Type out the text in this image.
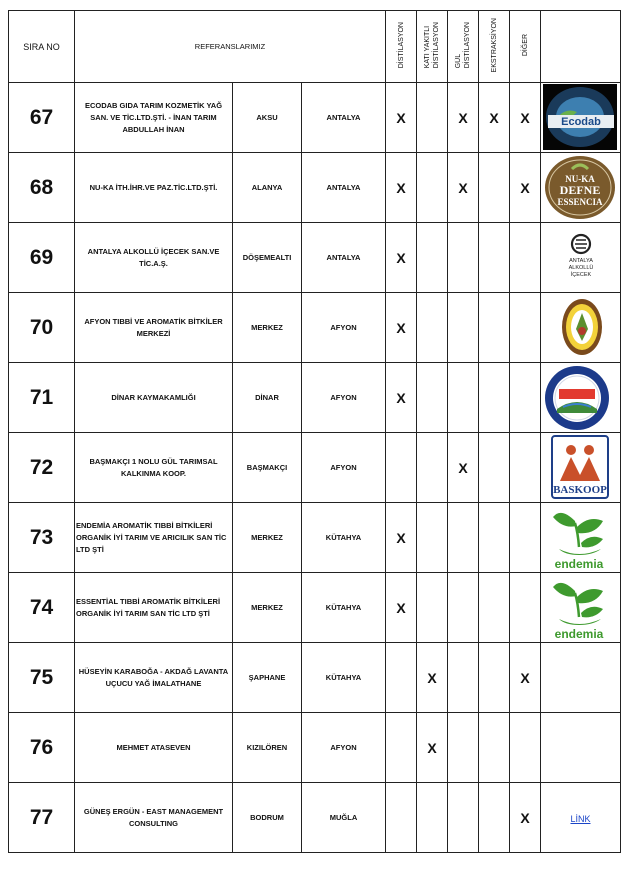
SIRA NO	REFERANSLARIMIZ			DİSTİLASYON	KATI YAKITLI DİSTİLASYON	GÜL DİSTİLASYON	EKSTRAKSİYON	DİĞER	
67	ECODAB GIDA TARIM KOZMETİK YAĞ SAN. VE TİC.LTD.ŞTİ. - İNAN TARIM ABDULLAH İNAN	AKSU	ANTALYA	X		X	X	X	Ecodab

68	NU-KA İTH.İHR.VE PAZ.TİC.LTD.ŞTİ.	ALANYA	ANTALYA	X		X		X	NU-KA
DEFNE
ESSENCIA

69	ANTALYA ALKOLLÜ İÇECEK SAN.VE TİC.A.Ş.	DÖŞEMEALTI	ANTALYA	X					ANTALYA
ALKOLLÜ
İÇECEK

70	AFYON TIBBİ VE AROMATİK BİTKİLER MERKEZİ	MERKEZ	AFYON	X					

71	DİNAR KAYMAKAMLIĞI	DİNAR	AFYON	X					

72	BAŞMAKÇI 1 NOLU GÜL TARIMSAL KALKINMA KOOP.	BAŞMAKÇI	AFYON			X			BASKOOP

73	ENDEMİA AROMATİK TIBBİ BİTKİLERİ ORGANİK İYİ TARIM VE ARICILIK SAN TİC LTD ŞTİ	MERKEZ	KÜTAHYA	X					endemia

74	ESSENTİAL TIBBİ AROMATİK BİTKİLERİ ORGANİK İYİ TARIM SAN TİC LTD ŞTİ	MERKEZ	KÜTAHYA	X					endemia

75	HÜSEYİN KARABOĞA - AKDAĞ LAVANTA UÇUCU YAĞ İMALATHANE	ŞAPHANE	KÜTAHYA		X			X	
76	MEHMET ATASEVEN	KIZILÖREN	AFYON		X				
77	GÜNEŞ ERGÜN - EAST MANAGEMENT CONSULTING	BODRUM	MUĞLA					X	LİNK
